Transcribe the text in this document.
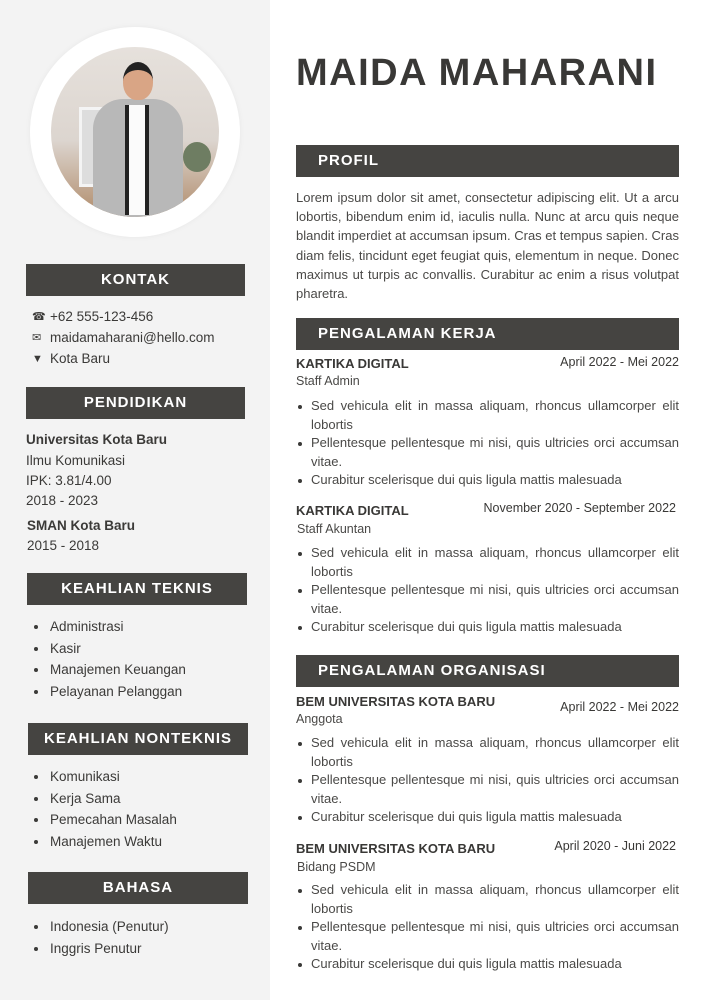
KONTAK
☎ +62 555-123-456
✉ maidamaharani@hello.com
▼ Kota Baru
PENDIDIKAN
Universitas Kota Baru
Ilmu Komunikasi
IPK: 3.81/4.00
2018 - 2023
SMAN Kota Baru
2015 - 2018
KEAHLIAN TEKNIS
Administrasi
Kasir
Manajemen Keuangan
Pelayanan Pelanggan
KEAHLIAN NONTEKNIS
Komunikasi
Kerja Sama
Pemecahan Masalah
Manajemen Waktu
BAHASA
Indonesia (Penutur)
Inggris Penutur
MAIDA MAHARANI
PROFIL
Lorem ipsum dolor sit amet, consectetur adipiscing elit. Ut a arcu lobortis, bibendum enim id, iaculis nulla. Nunc at arcu quis neque blandit imperdiet at accumsan ipsum. Cras et tempus sapien. Cras diam felis, tincidunt eget feugiat quis, elementum in neque. Donec maximus ut turpis ac convallis. Curabitur ac enim a risus volutpat pharetra.
PENGALAMAN KERJA
KARTIKA DIGITAL	April 2022 - Mei 2022
Staff Admin
Sed vehicula elit in massa aliquam, rhoncus ullamcorper elit lobortis
Pellentesque pellentesque mi nisi, quis ultricies orci accumsan vitae.
Curabitur scelerisque dui quis ligula mattis malesuada
KARTIKA DIGITAL	November 2020 - September 2022
Staff Akuntan
Sed vehicula elit in massa aliquam, rhoncus ullamcorper elit lobortis
Pellentesque pellentesque mi nisi, quis ultricies orci accumsan vitae.
Curabitur scelerisque dui quis ligula mattis malesuada
PENGALAMAN ORGANISASI
BEM UNIVERSITAS KOTA BARU	April 2022 - Mei 2022
Anggota
Sed vehicula elit in massa aliquam, rhoncus ullamcorper elit lobortis
Pellentesque pellentesque mi nisi, quis ultricies orci accumsan vitae.
Curabitur scelerisque dui quis ligula mattis malesuada
BEM UNIVERSITAS KOTA BARU	April 2020 - Juni 2022
Bidang PSDM
Sed vehicula elit in massa aliquam, rhoncus ullamcorper elit lobortis
Pellentesque pellentesque mi nisi, quis ultricies orci accumsan vitae.
Curabitur scelerisque dui quis ligula mattis malesuada
